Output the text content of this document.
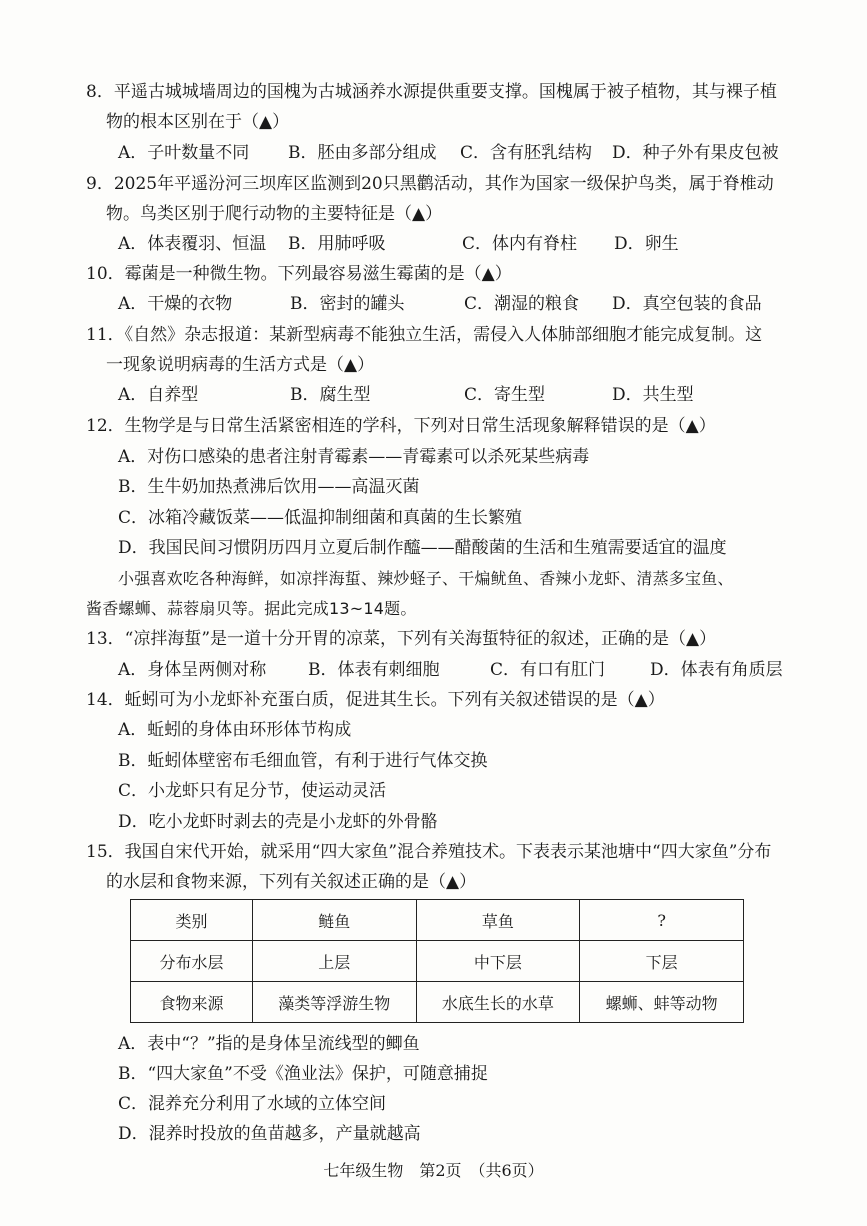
8．平遥古城城墙周边的国槐为古城涵养水源提供重要支撑。国槐属于被子植物，其与裸子植
物的根本区别在于（▲）
A．子叶数量不同 B．胚由多部分组成 C．含有胚乳结构 D．种子外有果皮包被
9．2025年平遥汾河三坝库区监测到20只黑鹳活动，其作为国家一级保护鸟类，属于脊椎动
物。鸟类区别于爬行动物的主要特征是（▲）
A．体表覆羽、恒温 B．用肺呼吸	C．体内有脊柱 D．卵生
10．霉菌是一种微生物。下列最容易滋生霉菌的是（▲）
A．干燥的衣物	B．密封的罐头	C．潮湿的粮食 D．真空包装的食品
11．《自然》杂志报道：某新型病毒不能独立生活，需侵入人体肺部细胞才能完成复制。这
一现象说明病毒的生活方式是（▲）
A．自养型	B．腐生型	C．寄生型	D．共生型
12．生物学是与日常生活紧密相连的学科，下列对日常生活现象解释错误的是（▲）
A．对伤口感染的患者注射青霉素——青霉素可以杀死某些病毒
B．生牛奶加热煮沸后饮用——高温灭菌
C．冰箱冷藏饭菜——低温抑制细菌和真菌的生长繁殖
D．我国民间习惯阴历四月立夏后制作醯——醋酸菌的生活和生殖需要适宜的温度
小强喜欢吃各种海鲜，如凉拌海蜇、辣炒蛏子、干煸鱿鱼、香辣小龙虾、清蒸多宝鱼、
酱香螺蛳、蒜蓉扇贝等。据此完成13~14题。
13．“凉拌海蜇”是一道十分开胃的凉菜，下列有关海蜇特征的叙述，正确的是（▲）
A．身体呈两侧对称 B．体表有刺细胞	C．有口有肛门	D．体表有角质层
14．蚯蚓可为小龙虾补充蛋白质，促进其生长。下列有关叙述错误的是（▲）
A．蚯蚓的身体由环形体节构成
B．蚯蚓体壁密布毛细血管，有利于进行气体交换
C．小龙虾只有足分节，使运动灵活
D．吃小龙虾时剥去的壳是小龙虾的外骨骼
15．我国自宋代开始，就采用“四大家鱼”混合养殖技术。下表表示某池塘中“四大家鱼”分布
的水层和食物来源，下列有关叙述正确的是（▲）
类别	鲢鱼	草鱼	?
分布水层	上层	中下层	下层
食物来源	藻类等浮游生物	水底生长的水草	螺蛳、蚌等动物
A．表中“？”指的是身体呈流线型的鲫鱼
B．“四大家鱼”不受《渔业法》保护，可随意捕捉
C．混养充分利用了水域的立体空间
D．混养时投放的鱼苗越多，产量就越高
七年级生物　第2页　（共6页）
